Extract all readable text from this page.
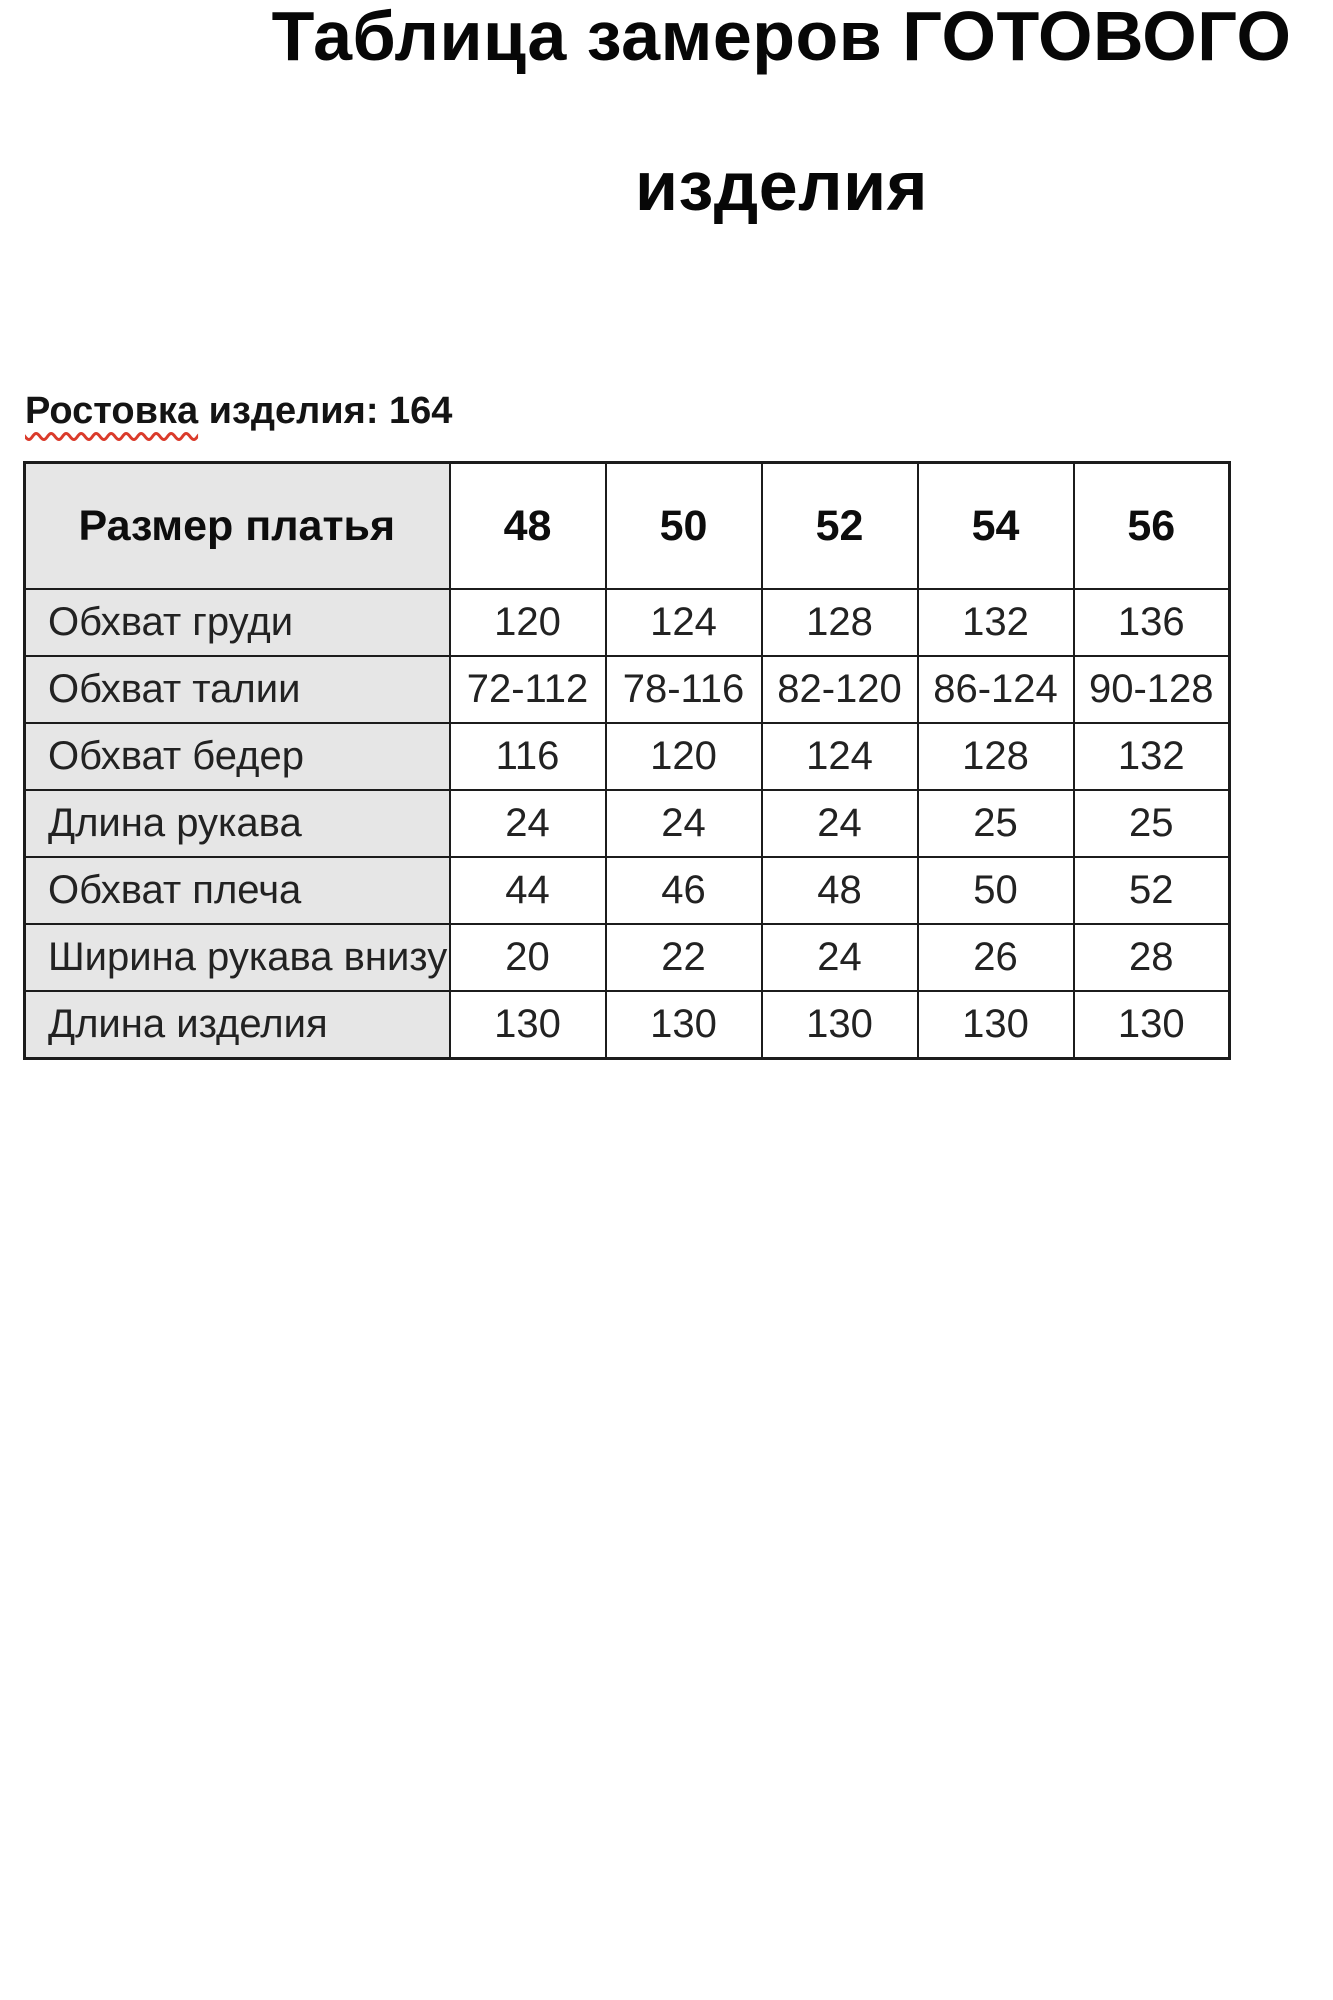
Таблица замеров ГОТОВОГО
изделия
Ростовка изделия: 164
Размер платья	48	50	52	54	56
Обхват груди	120	124	128	132	136
Обхват талии	72-112	78-116	82-120	86-124	90-128
Обхват бедер	116	120	124	128	132
Длина рукава	24	24	24	25	25
Обхват плеча	44	46	48	50	52
Ширина рукава внизу	20	22	24	26	28
Длина изделия	130	130	130	130	130
